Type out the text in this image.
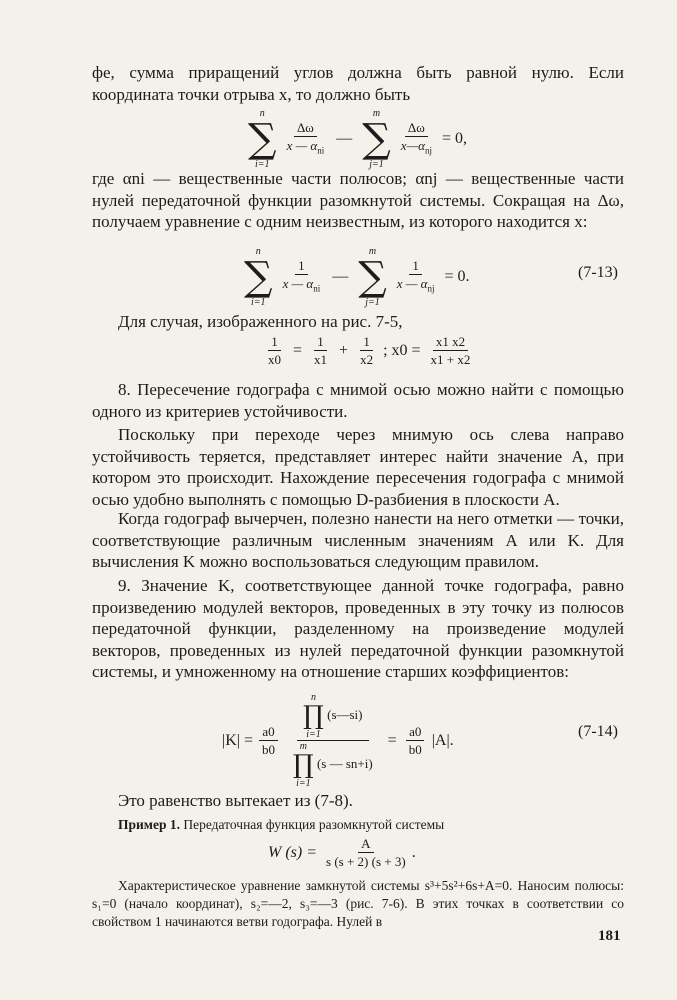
фе, сумма приращений углов должна быть равной нулю. Если координата точки отрыва x, то должно быть

n
∑
i=1
$\frac{\Delta\omega}{x — \alpha_{ni}}$ —
m
∑
j=1
$\frac{\Delta\omega}{x—\alpha_{nj}} = 0$,

где αni — вещественные части полюсов; αnj — вещественные части нулей передаточной функции разомкнутой системы. Сокращая на Δω, получаем уравнение с одним неизвестным, из которого находится x:

n
∑
i=1
$\frac{1}{x — \alpha_{ni}}$ —
m
∑
j=1
$\frac{1}{x — \alpha_{nj}} = 0$.	(7-13)

Для случая, изображенного на рис. 7-5,

$\frac{1}{x0} = \frac{1}{x1} + \frac{1}{x2}$ ; $x0 = \frac{x1 x2}{x1 + x2}$

8. Пересечение годографа с мнимой осью можно найти с помощью одного из критериев устойчивости.

Поскольку при переходе через мнимую ось слева направо устойчивость теряется, представляет интерес найти значение A, при котором это происходит. Нахождение пересечения годографа с мнимой осью удобно выполнять с помощью D-разбиения в плоскости A.

Когда годограф вычерчен, полезно нанести на него отметки — точки, соответствующие различным численным значениям A или K. Для вычисления K можно воспользоваться следующим правилом.

9. Значение K, соответствующее данной точке годографа, равно произведению модулей векторов, проведенных в эту точку из полюсов передаточной функции, разделенному на произведение модулей векторов, проведенных из нулей передаточной функции разомкнутой системы, и умноженному на отношение старших коэффициентов:

$|K| = \frac{a0}{b0}$ n
∏
i=1
(s—si)
m
∏
i=1
(s — $sn+i) = \frac{a0}{b0} |A|$.	(7-14)

Это равенство вытекает из (7-8).

Пример 1. Передаточная функция разомкнутой системы

W $(s) = \frac{A}{s (s + 2) (s + 3)}$ .

Характеристическое уравнение замкнутой системы s³+5s²+6s+A=0. Наносим полюсы: s₁=0 (начало координат), s₂=—2, s₃=—3 (рис. 7-6). В этих точках в соответствии со свойством 1 начинаются ветви годографа. Нулей в

181
